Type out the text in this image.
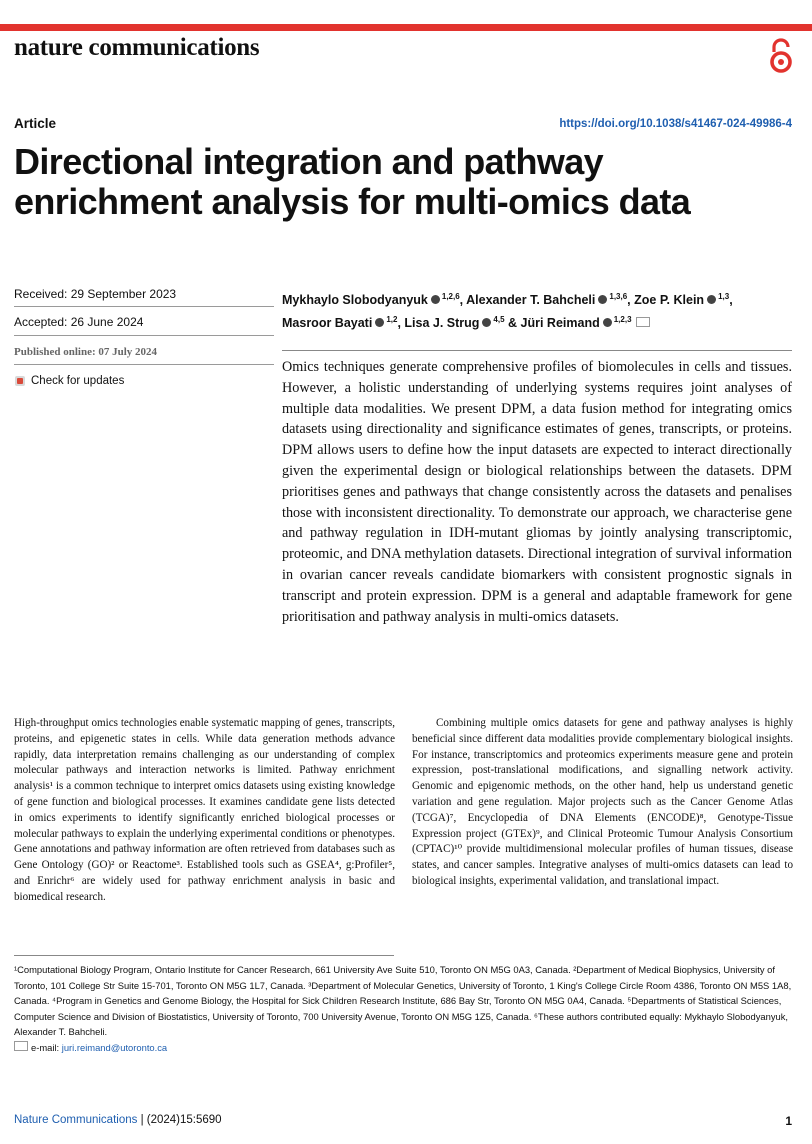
nature communications
Article	https://doi.org/10.1038/s41467-024-49986-4
Directional integration and pathway enrichment analysis for multi-omics data
Received: 29 September 2023
Accepted: 26 June 2024
Published online: 07 July 2024
Check for updates
Mykhaylo Slobodyanyuk $^{1,2,6}$, Alexander T. Bahcheli $^{1,3,6}$, Zoe P. Klein $^{1,3}$, Masroor Bayati $^{1,2}$, Lisa J. Strug $^{4,5}$ & Jüri Reimand $^{1,2,3}$

Omics techniques generate comprehensive profiles of biomolecules in cells and tissues. However, a holistic understanding of underlying systems requires joint analyses of multiple data modalities. We present DPM, a data fusion method for integrating omics datasets using directionality and significance estimates of genes, transcripts, or proteins. DPM allows users to define how the input datasets are expected to interact directionally given the experimental design or biological relationships between the datasets. DPM prioritises genes and pathways that change consistently across the datasets and penalises those with inconsistent directionality. To demonstrate our approach, we characterise gene and pathway regulation in IDH-mutant gliomas by jointly analysing transcriptomic, proteomic, and DNA methylation datasets. Directional integration of survival information in ovarian cancer reveals candidate biomarkers with consistent prognostic signals in transcript and protein expression. DPM is a general and adaptable framework for gene prioritisation and pathway analysis in multi-omics datasets.

High-throughput omics technologies enable systematic mapping of genes, transcripts, proteins, and epigenetic states in cells. While data generation methods advance rapidly, data interpretation remains challenging as our understanding of complex molecular pathways and interaction networks is limited. Pathway enrichment analysis¹ is a common technique to interpret omics datasets using existing knowledge of gene function and biological processes. It examines candidate gene lists detected in omics experiments to identify significantly enriched biological processes or molecular pathways to explain the underlying experimental conditions or phenotypes. Gene annotations and pathway information are often retrieved from databases such as Gene Ontology (GO)² or Reactome³. Established tools such as GSEA⁴, g:Profiler⁵, and Enrichr⁶ are widely used for pathway enrichment analysis in basic and biomedical research.

Combining multiple omics datasets for gene and pathway analyses is highly beneficial since different data modalities provide complementary biological insights. For instance, transcriptomics and proteomics experiments measure gene and protein expression, post-translational modifications, and signalling network activity. Genomic and epigenomic methods, on the other hand, help us understand genetic variation and gene regulation. Major projects such as the Cancer Genome Atlas (TCGA)⁷, Encyclopedia of DNA Elements (ENCODE)⁸, Genotype-Tissue Expression project (GTEx)⁹, and Clinical Proteomic Tumour Analysis Consortium (CPTAC)¹⁰ provide multidimensional molecular profiles of human tissues, disease states, and cancer samples. Integrative analyses of multi-omics datasets can lead to biological insights, experimental validation, and translational impact.

¹Computational Biology Program, Ontario Institute for Cancer Research, 661 University Ave Suite 510, Toronto ON M5G 0A3, Canada. ²Department of Medical Biophysics, University of Toronto, 101 College Str Suite 15-701, Toronto ON M5G 1L7, Canada. ³Department of Molecular Genetics, University of Toronto, 1 King's College Circle Room 4386, Toronto ON M5S 1A8, Canada. ⁴Program in Genetics and Genome Biology, the Hospital for Sick Children Research Institute, 686 Bay Str, Toronto ON M5G 0A4, Canada. ⁵Departments of Statistical Sciences, Computer Science and Division of Biostatistics, University of Toronto, 700 University Avenue, Toronto ON M5G 1Z5, Canada. ⁶These authors contributed equally: Mykhaylo Slobodyanyuk, Alexander T. Bahcheli.
e-mail: juri.reimand@utoronto.ca

Nature Communications | (2024)15:5690	1
